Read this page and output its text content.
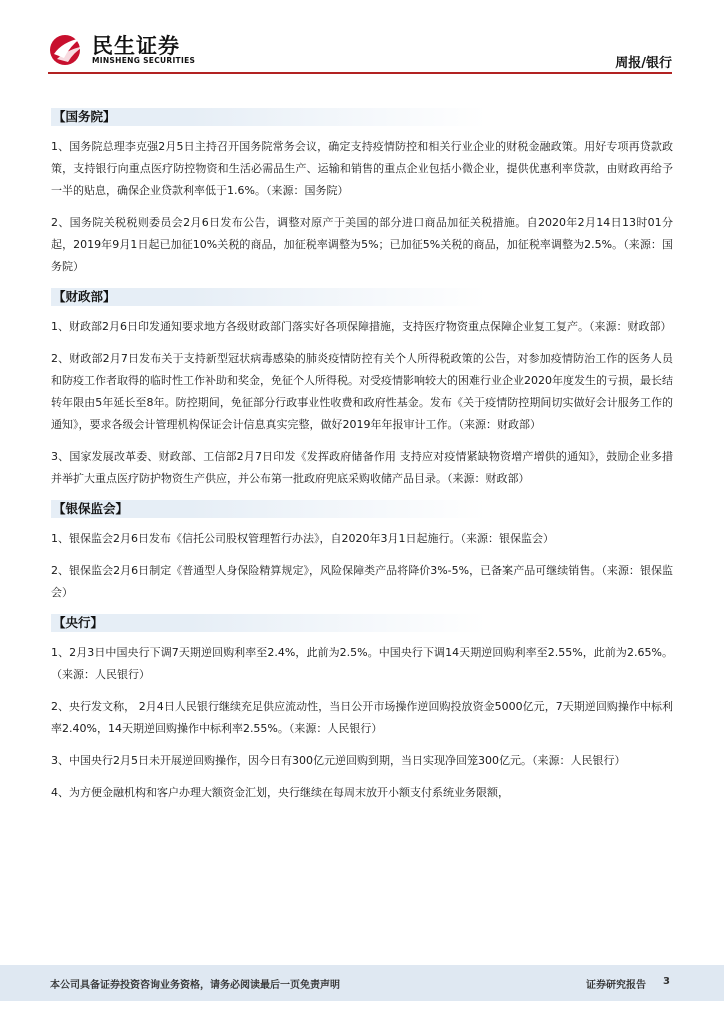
民生证券
MINSHENG SECURITIES	周报/银行
【国务院】

1、国务院总理李克强2月5日主持召开国务院常务会议，确定支持疫情防控和相关行业企业的财税金融政策。用好专项再贷款政策，支持银行向重点医疗防控物资和生活必需品生产、运输和销售的重点企业包括小微企业，提供优惠利率贷款，由财政再给予一半的贴息，确保企业贷款利率低于1.6%。（来源：国务院）

2、国务院关税税则委员会2月6日发布公告，调整对原产于美国的部分进口商品加征关税措施。自2020年2月14日13时01分起，2019年9月1日起已加征10%关税的商品，加征税率调整为5%；已加征5%关税的商品，加征税率调整为2.5%。（来源：国务院）

【财政部】

1、财政部2月6日印发通知要求地方各级财政部门落实好各项保障措施，支持医疗物资重点保障企业复工复产。（来源：财政部）

2、财政部2月7日发布关于支持新型冠状病毒感染的肺炎疫情防控有关个人所得税政策的公告，对参加疫情防治工作的医务人员和防疫工作者取得的临时性工作补助和奖金，免征个人所得税。对受疫情影响较大的困难行业企业2020年度发生的亏损，最长结转年限由5年延长至8年。防控期间，免征部分行政事业性收费和政府性基金。发布《关于疫情防控期间切实做好会计服务工作的通知》，要求各级会计管理机构保证会计信息真实完整，做好2019年年报审计工作。（来源：财政部）

3、国家发展改革委、财政部、工信部2月7日印发《发挥政府储备作用 支持应对疫情紧缺物资增产增供的通知》，鼓励企业多措并举扩大重点医疗防护物资生产供应，并公布第一批政府兜底采购收储产品目录。（来源：财政部）

【银保监会】

1、银保监会2月6日发布《信托公司股权管理暂行办法》，自2020年3月1日起施行。（来源：银保监会）

2、银保监会2月6日制定《普通型人身保险精算规定》，风险保障类产品将降价3%-5%，已备案产品可继续销售。（来源：银保监会）

【央行】

1、2月3日中国央行下调7天期逆回购利率至2.4%，此前为2.5%。中国央行下调14天期逆回购利率至2.55%，此前为2.65%。（来源：人民银行）

2、央行发文称， 2月4日人民银行继续充足供应流动性，当日公开市场操作逆回购投放资金5000亿元，7天期逆回购操作中标利率2.40%，14天期逆回购操作中标利率2.55%。（来源：人民银行）

3、中国央行2月5日未开展逆回购操作，因今日有300亿元逆回购到期，当日实现净回笼300亿元。（来源：人民银行）

4、为方便金融机构和客户办理大额资金汇划，央行继续在每周末放开小额支付系统业务限额，

本公司具备证券投资咨询业务资格，请务必阅读最后一页免责声明	证券研究报告 3
